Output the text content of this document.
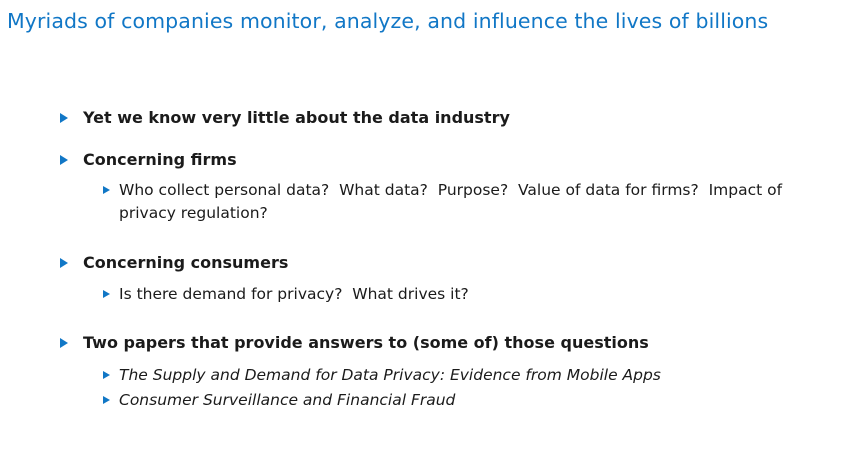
Myriads of companies monitor, analyze, and influence the lives of billions
Yet we know very little about the data industry
Concerning firms
Who collect personal data?  What data?  Purpose?  Value of data for firms?  Impact of privacy regulation?
Concerning consumers
Is there demand for privacy?  What drives it?
Two papers that provide answers to (some of) those questions
The Supply and Demand for Data Privacy: Evidence from Mobile Apps
Consumer Surveillance and Financial Fraud
